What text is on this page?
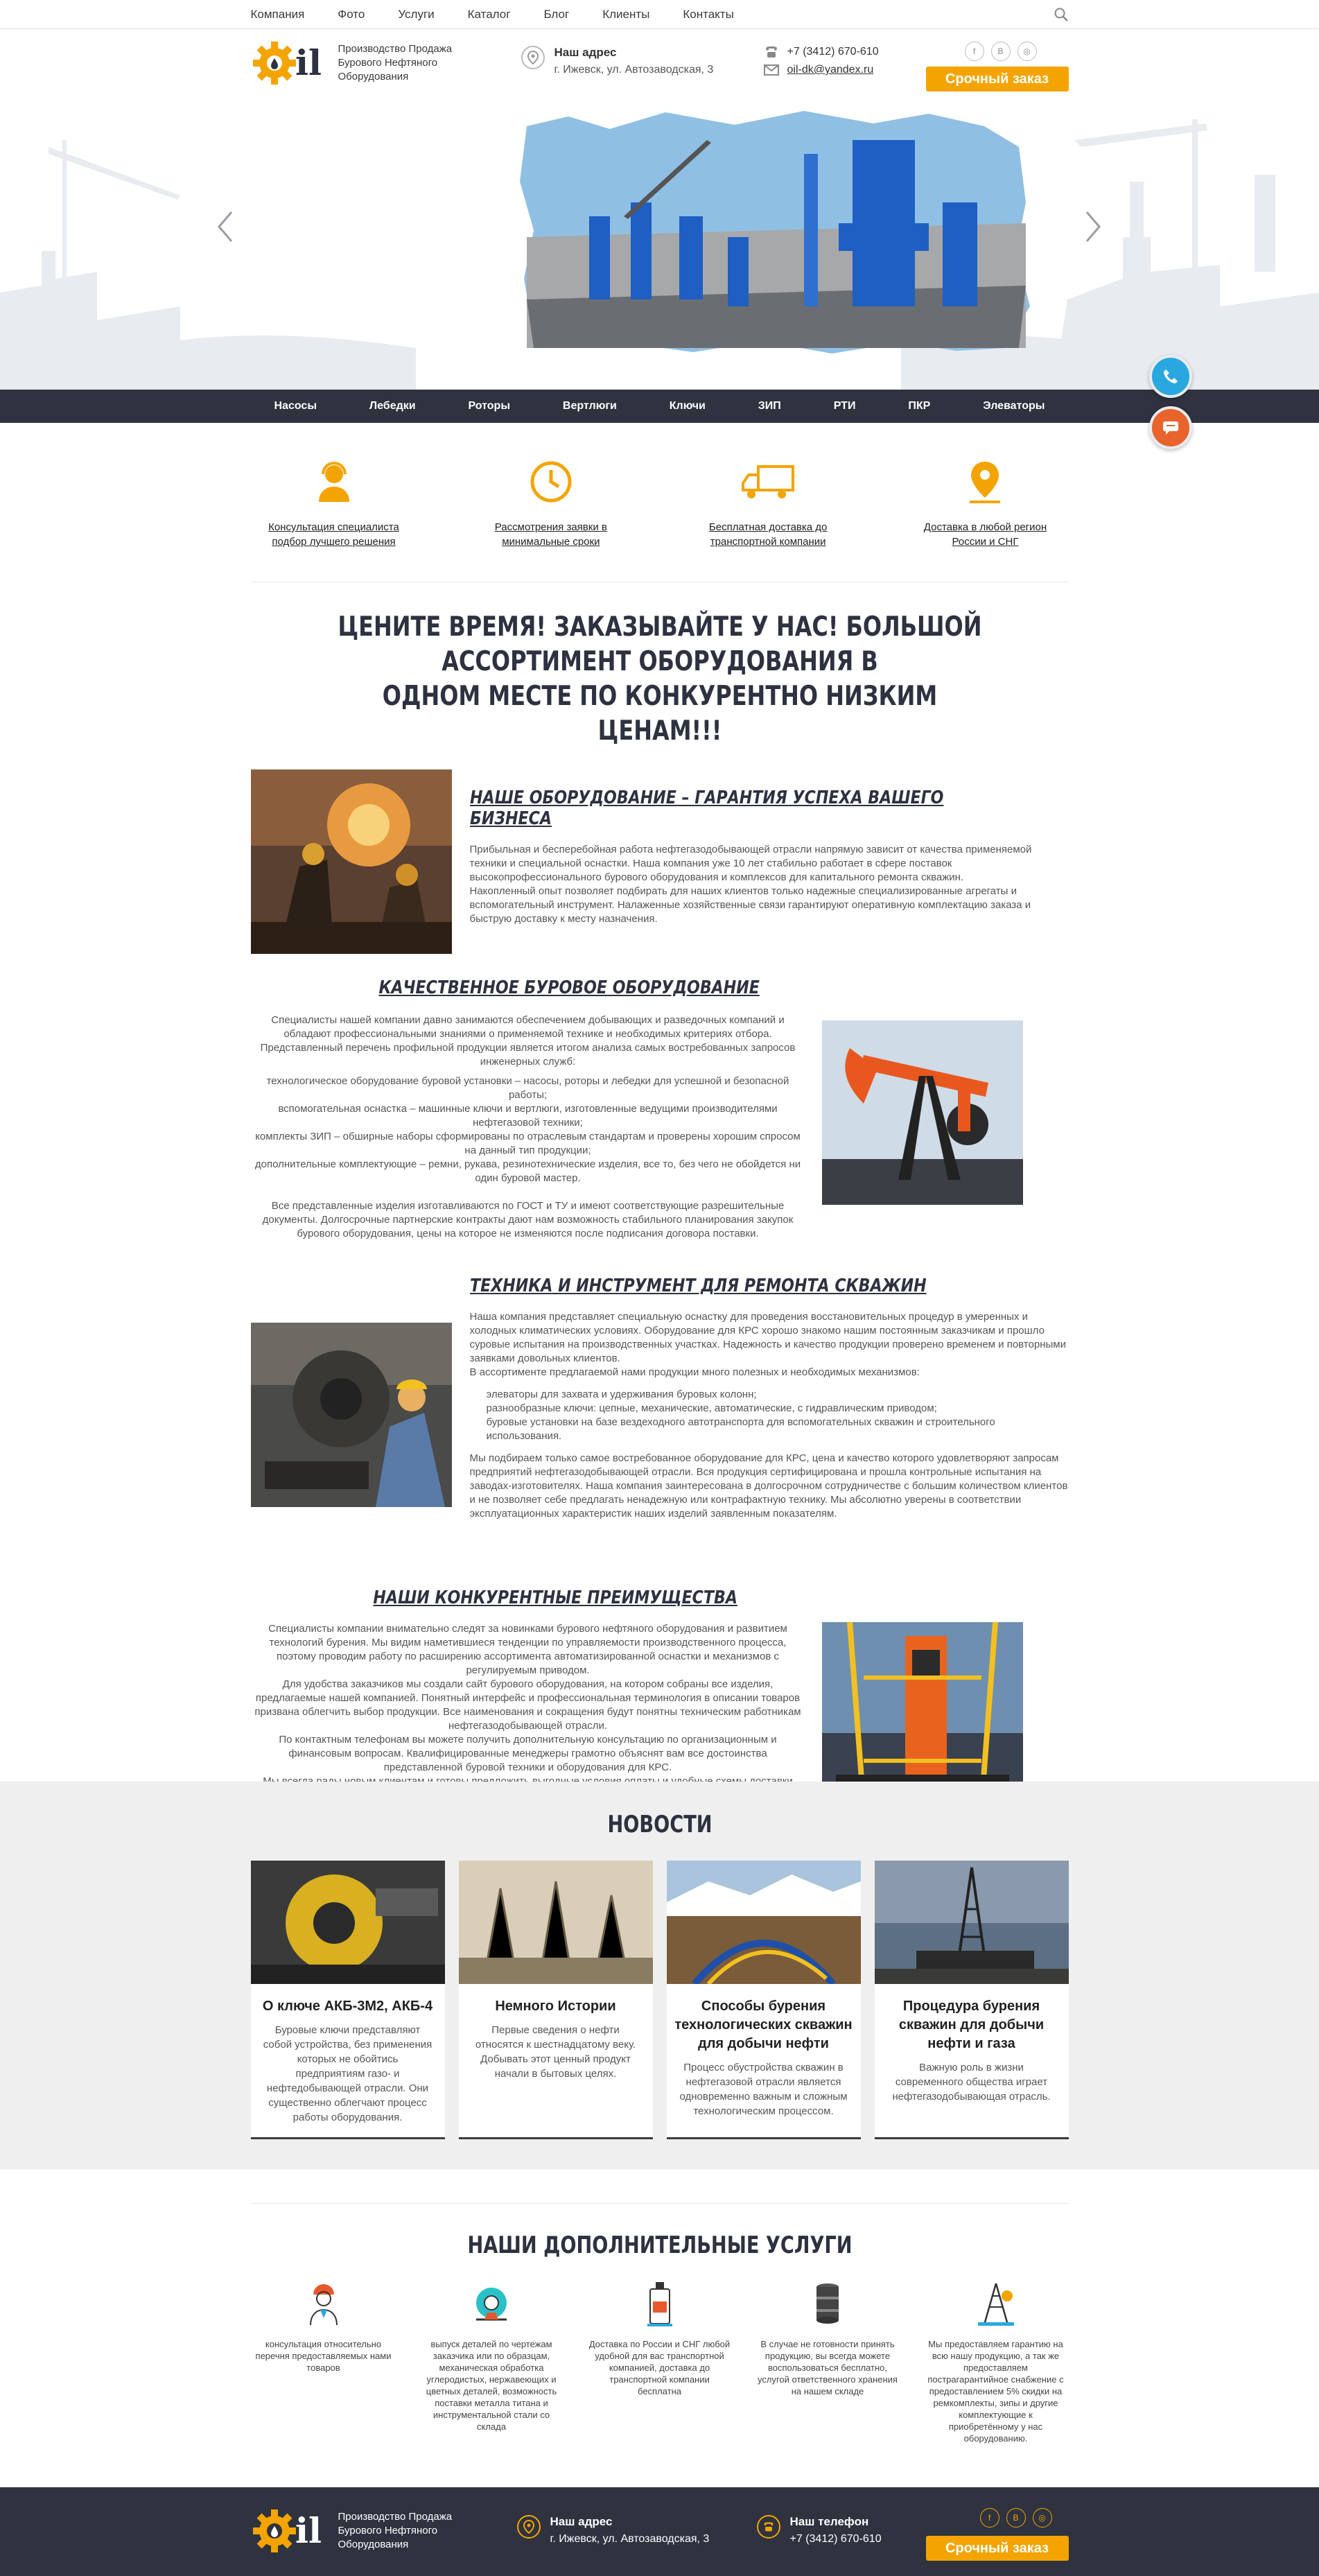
Компания	Фото	Услуги	Каталог	Блог	Клиенты	Контакты
il Производство Продажа Бурового Нефтяного Оборудования
Наш адрес
г. Ижевск, ул. Автозаводская, 3
+7 (3412) 670-610
oil-dk@yandex.ru
f	В	◎
Срочный заказ
Насосы	Лебедки	Роторы	Вертлюги	Ключи	ЗИП	РТИ	ПКР	Элеваторы
Консультация специалиста
подбор лучшего решения
Рассмотрения заявки в
минимальные сроки
Бесплатная доставка до
транспортной компании
Доставка в любой регион
России и СНГ
ЦЕНИТЕ ВРЕМЯ! ЗАКАЗЫВАЙТЕ У НАС! БОЛЬШОЙ АССОРТИМЕНТ ОБОРУДОВАНИЯ В
ОДНОМ МЕСТЕ ПО КОНКУРЕНТНО НИЗКИМ ЦЕНАМ!!!
НАШЕ ОБОРУДОВАНИЕ – ГАРАНТИЯ УСПЕХА ВАШЕГО БИЗНЕСА

Прибыльная и бесперебойная работа нефтегазодобывающей отрасли напрямую зависит от качества применяемой техники и специальной оснастки. Наша компания уже 10 лет стабильно работает в сфере поставок высокопрофессионального бурового оборудования и комплексов для капитального ремонта скважин.

Накопленный опыт позволяет подбирать для наших клиентов только надежные специализированные агрегаты и вспомогательный инструмент. Налаженные хозяйственные связи гарантируют оперативную комплектацию заказа и быструю доставку к месту назначения.

КАЧЕСТВЕННОЕ БУРОВОЕ ОБОРУДОВАНИЕ

Специалисты нашей компании давно занимаются обеспечением добывающих и разведочных компаний и обладают профессиональными знаниями о применяемой технике и необходимых критериях отбора. Представленный перечень профильной продукции является итогом анализа самых востребованных запросов инженерных служб:

технологическое оборудование буровой установки – насосы, роторы и лебедки для успешной и безопасной работы;
вспомогательная оснастка – машинные ключи и вертлюги, изготовленные ведущими производителями нефтегазовой техники;
комплекты ЗИП – обширные наборы сформированы по отраслевым стандартам и проверены хорошим спросом на данный тип продукции;
дополнительные комплектующие – ремни, рукава, резинотехнические изделия, все то, без чего не обойдется ни один буровой мастер.

Все представленные изделия изготавливаются по ГОСТ и ТУ и имеют соответствующие разрешительные документы. Долгосрочные партнерские контракты дают нам возможность стабильного планирования закупок бурового оборудования, цены на которое не изменяются после подписания договора поставки.

ТЕХНИКА И ИНСТРУМЕНТ ДЛЯ РЕМОНТА СКВАЖИН

Наша компания представляет специальную оснастку для проведения восстановительных процедур в умеренных и холодных климатических условиях. Оборудование для КРС хорошо знакомо нашим постоянным заказчикам и прошло суровые испытания на производственных участках. Надежность и качество продукции проверено временем и повторными заявками довольных клиентов.

В ассортименте предлагаемой нами продукции много полезных и необходимых механизмов:

элеваторы для захвата и удерживания буровых колонн;
разнообразные ключи: цепные, механические, автоматические, с гидравлическим приводом;
буровые установки на базе вездеходного автотранспорта для вспомогательных скважин и строительного использования.

Мы подбираем только самое востребованное оборудование для КРС, цена и качество которого удовлетворяют запросам предприятий нефтегазодобывающей отрасли. Вся продукция сертифицирована и прошла контрольные испытания на заводах-изготовителях. Наша компания заинтересована в долгосрочном сотрудничестве с большим количеством клиентов и не позволяет себе предлагать ненадежную или контрафактную технику. Мы абсолютно уверены в соответствии эксплуатационных характеристик наших изделий заявленным показателям.

НАШИ КОНКУРЕНТНЫЕ ПРЕИМУЩЕСТВА

Специалисты компании внимательно следят за новинками бурового нефтяного оборудования и развитием технологий бурения. Мы видим наметившиеся тенденции по управляемости производственного процесса, поэтому проводим работу по расширению ассортимента автоматизированной оснастки и механизмов с регулируемым приводом.

Для удобства заказчиков мы создали сайт бурового оборудования, на котором собраны все изделия, предлагаемые нашей компанией. Понятный интерфейс и профессиональная терминология в описании товаров призвана облегчить выбор продукции. Все наименования и сокращения будут понятны техническим работникам нефтегазодобывающей отрасли.

По контактным телефонам вы можете получить дополнительную консультацию по организационным и финансовым вопросам. Квалифицированные менеджеры грамотно объяснят вам все достоинства представленной буровой техники и оборудования для КРС.

НОВОСТИ
О ключе АКБ-3М2, АКБ-4
Буровые ключи представляют собой устройства, без применения которых не обойтись предприятиям газо- и нефтедобывающей отрасли. Они существенно облегчают процесс работы оборудования.
Немного Истории
Первые сведения о нефти относятся к шестнадцатому веку. Добывать этот ценный продукт начали в бытовых целях.
Способы бурения технологических скважин для добычи нефти
Процесс обустройства скважин в нефтегазовой отрасли является одновременно важным и сложным технологическим процессом.
Процедура бурения скважин для добычи нефти и газа
Важную роль в жизни современного общества играет нефтегазодобывающая отрасль.
НАШИ ДОПОЛНИТЕЛЬНЫЕ УСЛУГИ
консультация относительно перечня предоставляемых нами товаров
выпуск деталей по чертежам заказчика или по образцам, механическая обработка углеродистых, нержавеющих и цветных деталей, возможность поставки металла титана и инструментальной стали со склада
Доставка по России и СНГ любой удобной для вас транспортной компанией, доставка до транспортной компании бесплатна
В случае не готовности принять продукцию, вы всегда можете воспользоваться бесплатно, услугой ответственного хранения на нашем складе
Мы предоставляем гарантию на всю нашу продукцию, а так же предоставляем пострагарантийное снабжение с предоставлением 5% скидки на ремкомплекты, зипы и другие комплектующие к приобретённому у нас оборудованию.
il Производство Продажа Бурового Нефтяного Оборудования
Наш адрес
г. Ижевск, ул. Автозаводская, 3
Наш телефон
+7 (3412) 670-610
f	В	◎
Срочный заказ
